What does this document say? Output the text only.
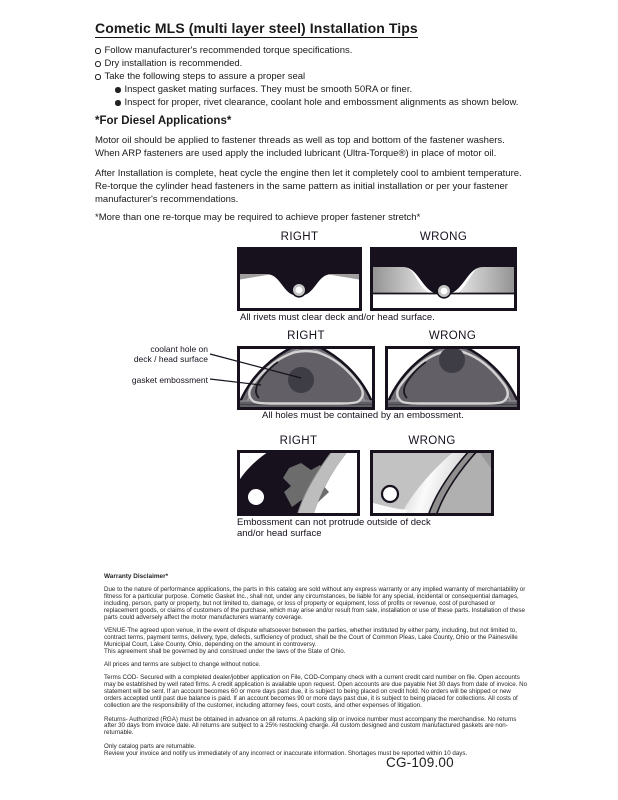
Cometic MLS (multi layer steel) Installation Tips
Follow manufacturer's recommended torque specifications.
Dry installation is recommended.
Take the following steps to assure a proper seal
Inspect gasket mating surfaces. They must be smooth 50RA or finer.
Inspect for proper, rivet clearance, coolant hole and embossment alignments as shown below.
*For Diesel Applications*
Motor oil should be applied to fastener threads as well as top and bottom of the fastener washers. When ARP fasteners are used apply the included lubricant (Ultra-Torque®) in place of motor oil.
After Installation is complete, heat cycle the engine then let it completely cool to ambient temperature. Re-torque the cylinder head fasteners in the same pattern as initial installation or per your fastener manufacturer's recommendations.
*More than one re-torque may be required to achieve proper fastener stretch*
RIGHT	WRONG
All rivets must clear deck and/or head surface.
RIGHT	WRONG
coolant hole on
deck / head surface
gasket embossment
All holes must be contained by an embossment.
RIGHT	WRONG
Embossment can not protrude outside of deck
and/or head surface
Warranty Disclaimer*

Due to the nature of performance applications, the parts in this catalog are sold without any express warranty or any implied warranty of merchantability or fitness for a particular purpose. Cometic Gasket Inc., shall not, under any circumstances, be liable for any special, incidental or consequential damages, including, person, party or property, but not limited to, damage, or loss of property or equipment, loss of profits or revenue, cost of purchased or replacement goods, or claims of customers of the purchase, which may arise and/or result from sale, installation or use of these parts. Installation of these parts could adversely affect the motor manufacturers warranty coverage.

VENUE-The agreed upon venue, in the event of dispute whatsoever between the parties, whether instituted by either party, including, but not limited to, contract terms, payment terms, delivery, type, defects, sufficiency of product, shall be the Court of Common Pleas, Lake County, Ohio or the Painesville Municipal Court, Lake County, Ohio, depending on the amount in controversy.
This agreement shall be governed by and construed under the laws of the State of Ohio.

All prices and terms are subject to change without notice.

Terms COD- Secured with a completed dealer/jobber application on File, COD-Company check with a current credit card number on file. Open accounts may be established by well rated firms. A credit application is available upon request. Open accounts are due payable Net 30 days from date of invoice. No statement will be sent. If an account becomes 60 or more days past due, it is subject to being placed on credit hold. No orders will be shipped or new orders accepted until past due balance is paid. If an account becomes 90 or more days past due, it is subject to being placed for collections. All costs of collection are the responsibility of the customer, including attorney fees, court costs, and other expenses of litigation.

Returns- Authorized (RGA) must be obtained in advance on all returns. A packing slip or invoice number must accompany the merchandise. No returns after 30 days from invoice date. All returns are subject to a 25% restocking charge. All custom designed and custom manufactured gaskets are non-returnable.

Only catalog parts are returnable.
Review your invoice and notify us immediately of any incorrect or inaccurate information. Shortages must be reported within 10 days.
CG-109.00
